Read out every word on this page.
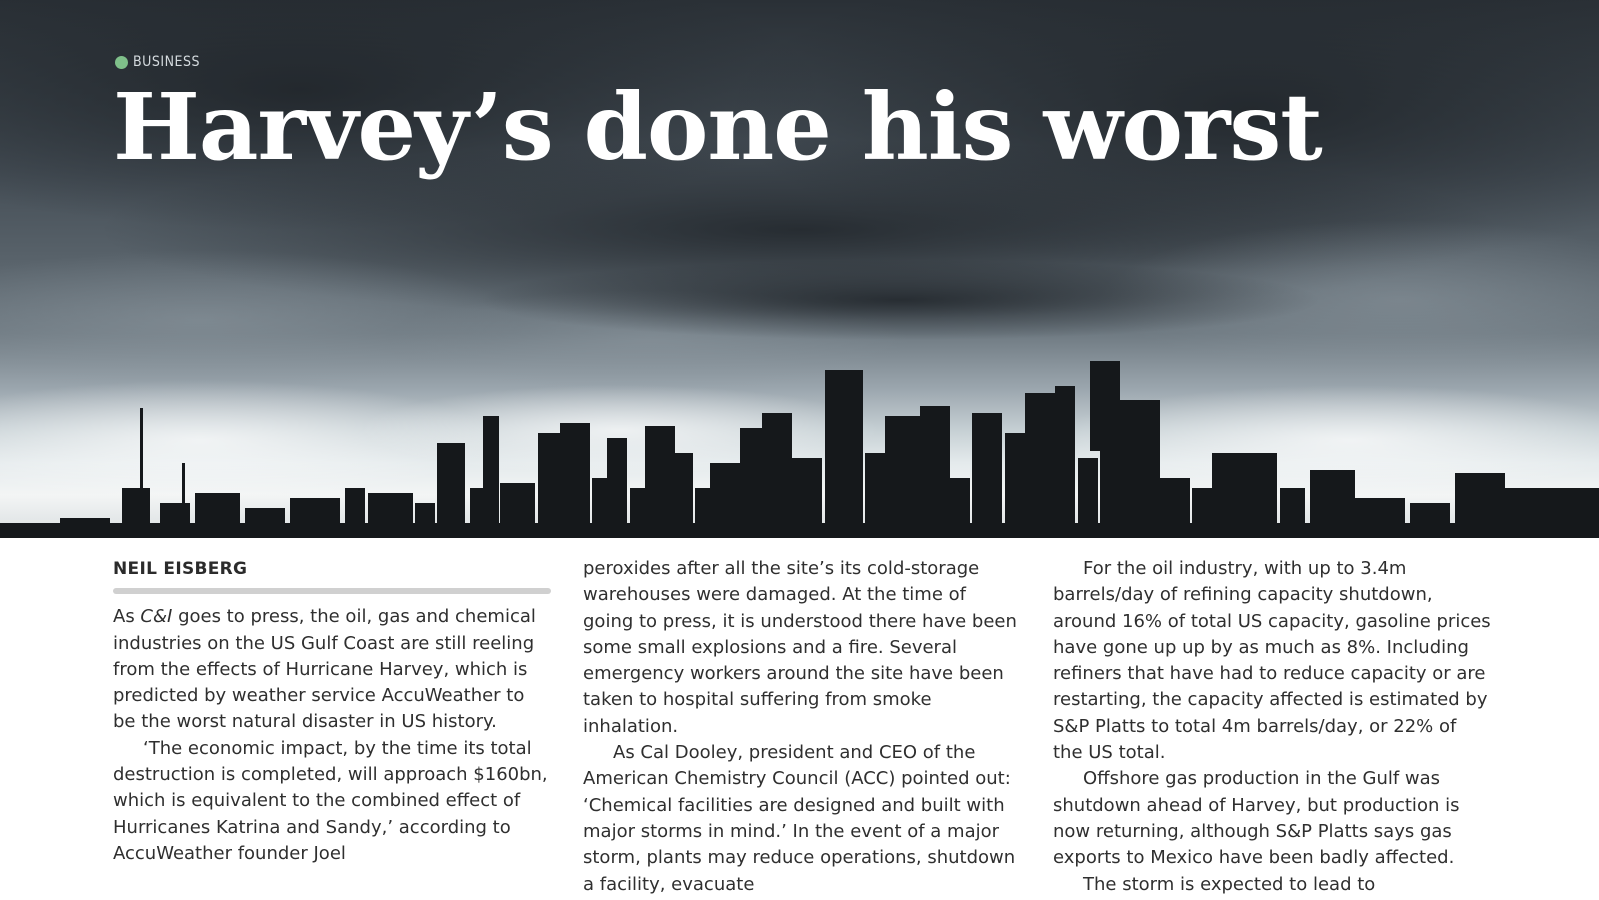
BUSINESS
Harvey’s done his worst
NEIL EISBERG

As C&I goes to press, the oil, gas and chemical industries on the US Gulf Coast are still reeling from the effects of Hurricane Harvey, which is predicted by weather service AccuWeather to be the worst natural disaster in US history.

‘The economic impact, by the time its total destruction is completed, will approach $160bn, which is equivalent to the combined effect of Hurricanes Katrina and Sandy,’ according to AccuWeather founder Joel

peroxides after all the site’s its cold-storage warehouses were damaged. At the time of going to press, it is understood there have been some small explosions and a fire. Several emergency workers around the site have been taken to hospital suffering from smoke inhalation.

As Cal Dooley, president and CEO of the American Chemistry Council (ACC) pointed out: ‘Chemical facilities are designed and built with major storms in mind.’ In the event of a major storm, plants may reduce operations, shutdown a facility, evacuate

For the oil industry, with up to 3.4m barrels/day of refining capacity shutdown, around 16% of total US capacity, gasoline prices have gone up up by as much as 8%. Including refiners that have had to reduce capacity or are restarting, the capacity affected is estimated by S&P Platts to total 4m barrels/day, or 22% of the US total.

Offshore gas production in the Gulf was shutdown ahead of Harvey, but production is now returning, although S&P Platts says gas exports to Mexico have been badly affected.

The storm is expected to lead to
